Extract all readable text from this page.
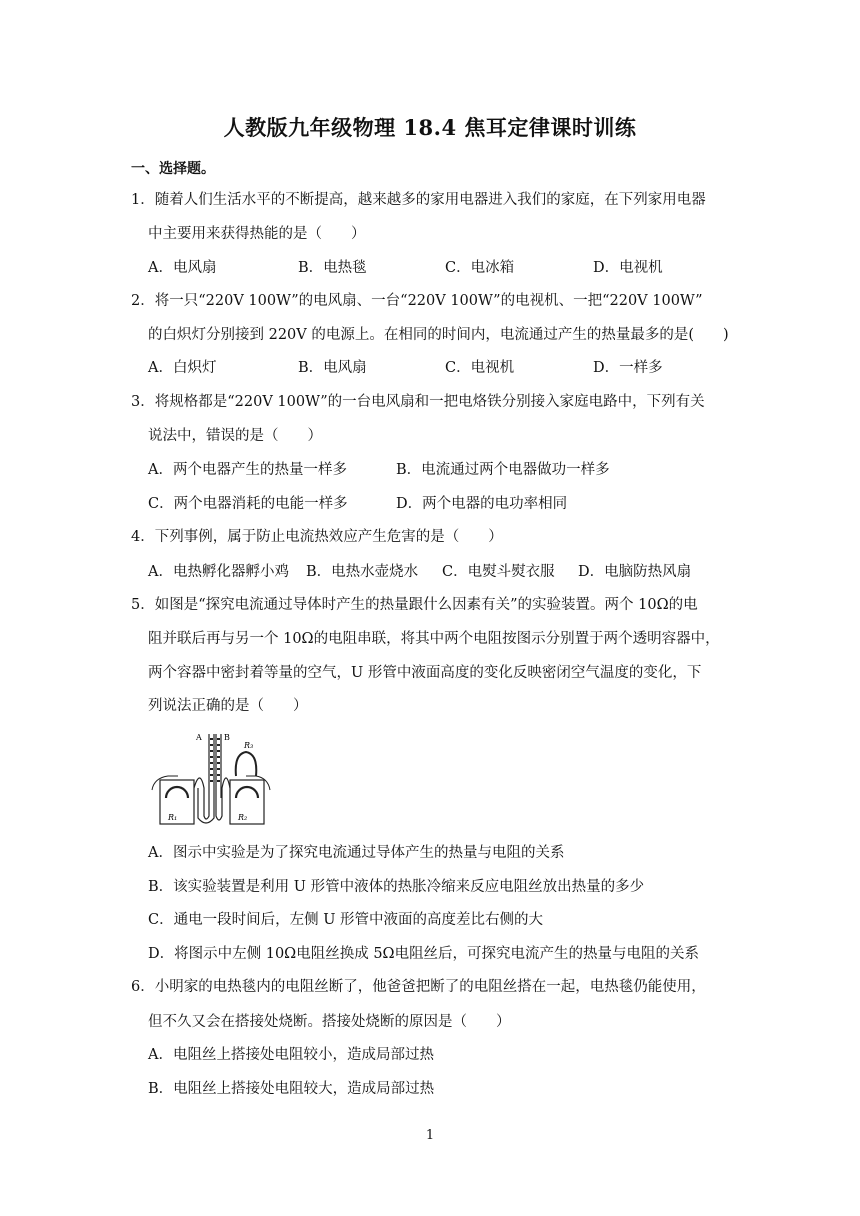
人教版九年级物理 18.4 焦耳定律课时训练
一、选择题。
1．随着人们生活水平的不断提高，越来越多的家用电器进入我们的家庭，在下列家用电器
中主要用来获得热能的是（　　）
A．电风扇	B．电热毯	C．电冰箱	D．电视机
2．将一只“220V 100W”的电风扇、一台“220V 100W”的电视机、一把“220V 100W”
的白炽灯分别接到 220V 的电源上。在相同的时间内，电流通过产生的热量最多的是(　　)
A．白炽灯	B．电风扇	C．电视机	D．一样多
3．将规格都是“220V 100W”的一台电风扇和一把电烙铁分别接入家庭电路中，下列有关
说法中，错误的是（　　）
A．两个电器产生的热量一样多	B．电流通过两个电器做功一样多
C．两个电器消耗的电能一样多	D．两个电器的电功率相同
4．下列事例，属于防止电流热效应产生危害的是（　　）
A．电热孵化器孵小鸡	B．电热水壶烧水	C．电熨斗熨衣服	D．电脑防热风扇
5．如图是“探究电流通过导体时产生的热量跟什么因素有关”的实验装置。两个 10Ω的电
阻并联后再与另一个 10Ω的电阻串联，将其中两个电阻按图示分别置于两个透明容器中，
两个容器中密封着等量的空气，U 形管中液面高度的变化反映密闭空气温度的变化，下
列说法正确的是（　　）
A	B
R₃
R₁	R₂
A．图示中实验是为了探究电流通过导体产生的热量与电阻的关系
B．该实验装置是利用 U 形管中液体的热胀冷缩来反应电阻丝放出热量的多少
C．通电一段时间后，左侧 U 形管中液面的高度差比右侧的大
D．将图示中左侧 10Ω电阻丝换成 5Ω电阻丝后，可探究电流产生的热量与电阻的关系
6．小明家的电热毯内的电阻丝断了，他爸爸把断了的电阻丝搭在一起，电热毯仍能使用，
但不久又会在搭接处烧断。搭接处烧断的原因是（　　）
A．电阻丝上搭接处电阻较小，造成局部过热
B．电阻丝上搭接处电阻较大，造成局部过热
1
